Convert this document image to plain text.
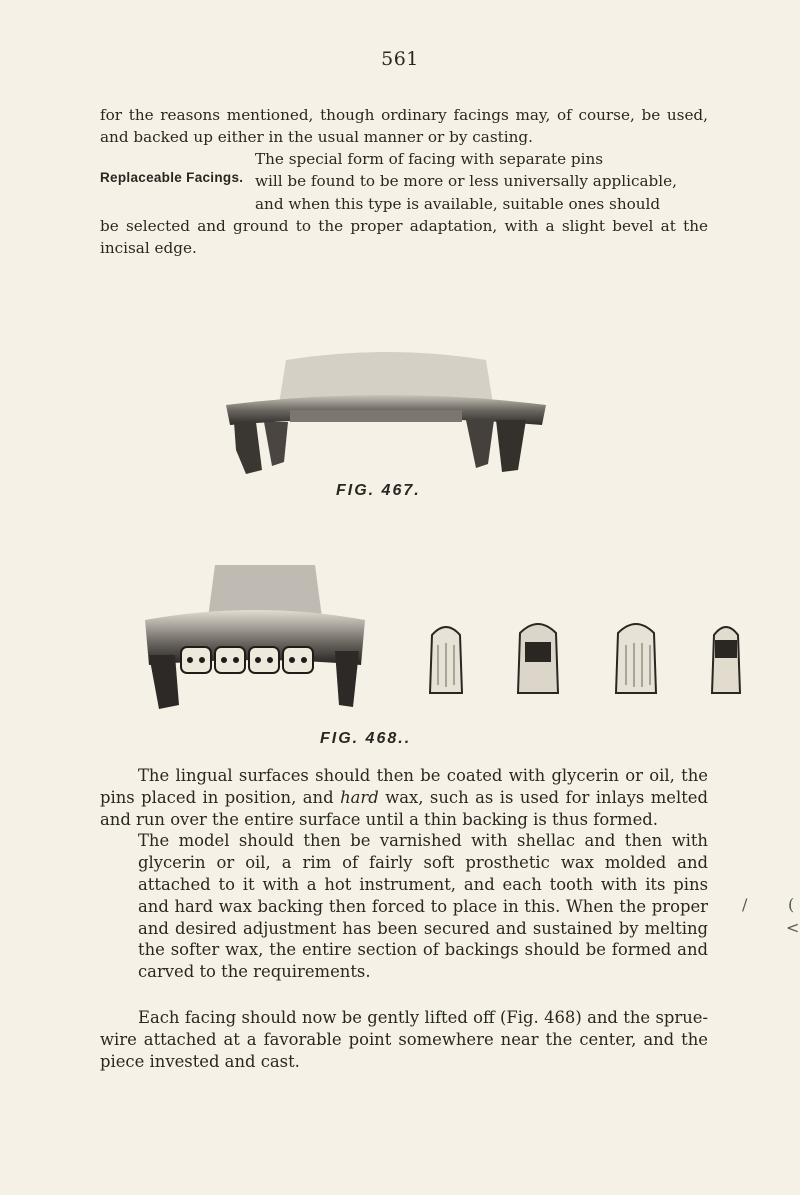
561

for the reasons mentioned, though ordinary facings may, of course, be used, and backed up either in the usual manner or by casting.

Replaceable Facings.
The special form of facing with separate pins
will be found to be more or less universally applicable,
and when this type is available, suitable ones should
be selected and ground to the proper adaptation, with a slight bevel at the incisal edge.
FIG. 467.
FIG. 468..
The lingual surfaces should then be coated with glycerin or oil, the pins placed in position, and hard wax, such as is used for inlays melted and run over the entire surface until a thin backing is thus formed.
The model should then be varnished with shellac and then with glycerin or oil, a rim of fairly soft prosthetic wax molded and attached to it with a hot instrument, and each tooth with its pins and hard wax backing then forced to place in this. When the proper and desired adjustment has been secured and sustained by melting the softer wax, the entire section of backings should be formed and carved to the requirements.

Each facing should now be gently lifted off (Fig. 468) and the sprue-wire attached at a favorable point somewhere near the center, and the piece invested and cast.

/	(
<
